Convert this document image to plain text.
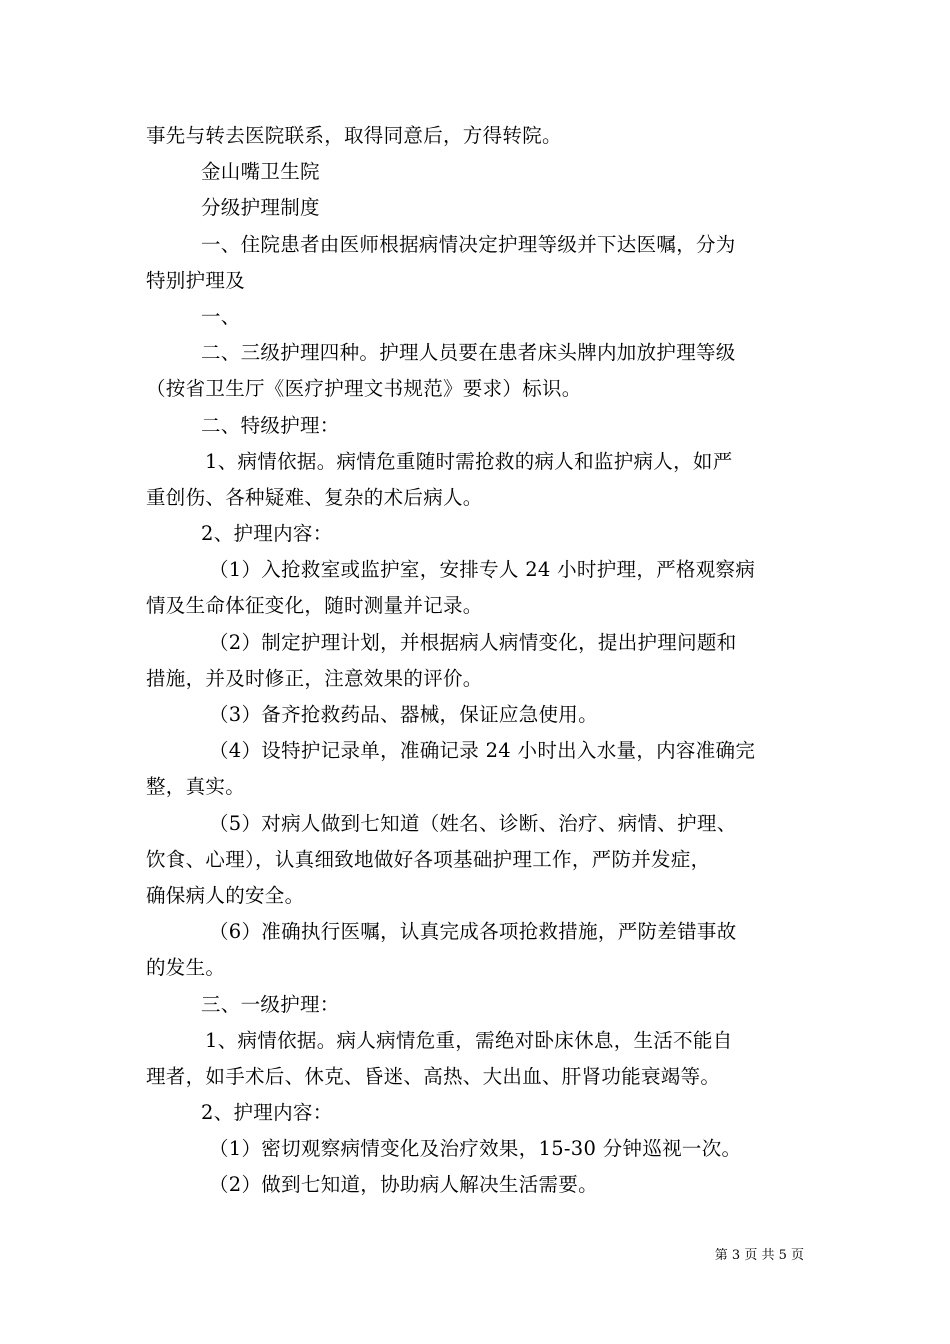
事先与转去医院联系，取得同意后，方得转院。
金山嘴卫生院
分级护理制度
一、住院患者由医师根据病情决定护理等级并下达医嘱，分为
特别护理及
一、
二、三级护理四种。护理人员要在患者床头牌内加放护理等级
（按省卫生厅《医疗护理文书规范》要求）标识。
二、特级护理：
1、病情依据。病情危重随时需抢救的病人和监护病人，如严
重创伤、各种疑难、复杂的术后病人。
2、护理内容：
（1）入抢救室或监护室，安排专人 24 小时护理，严格观察病
情及生命体征变化，随时测量并记录。
（2）制定护理计划，并根据病人病情变化，提出护理问题和
措施，并及时修正，注意效果的评价。
（3）备齐抢救药品、器械，保证应急使用。
（4）设特护记录单，准确记录 24 小时出入水量，内容准确完
整，真实。
（5）对病人做到七知道（姓名、诊断、治疗、病情、护理、
饮食、心理），认真细致地做好各项基础护理工作，严防并发症，
确保病人的安全。
（6）准确执行医嘱，认真完成各项抢救措施，严防差错事故
的发生。
三、一级护理：
1、病情依据。病人病情危重，需绝对卧床休息，生活不能自
理者，如手术后、休克、昏迷、高热、大出血、肝肾功能衰竭等。
2、护理内容：
（1）密切观察病情变化及治疗效果，15-30 分钟巡视一次。
（2）做到七知道，协助病人解决生活需要。
第 3 页 共 5 页
